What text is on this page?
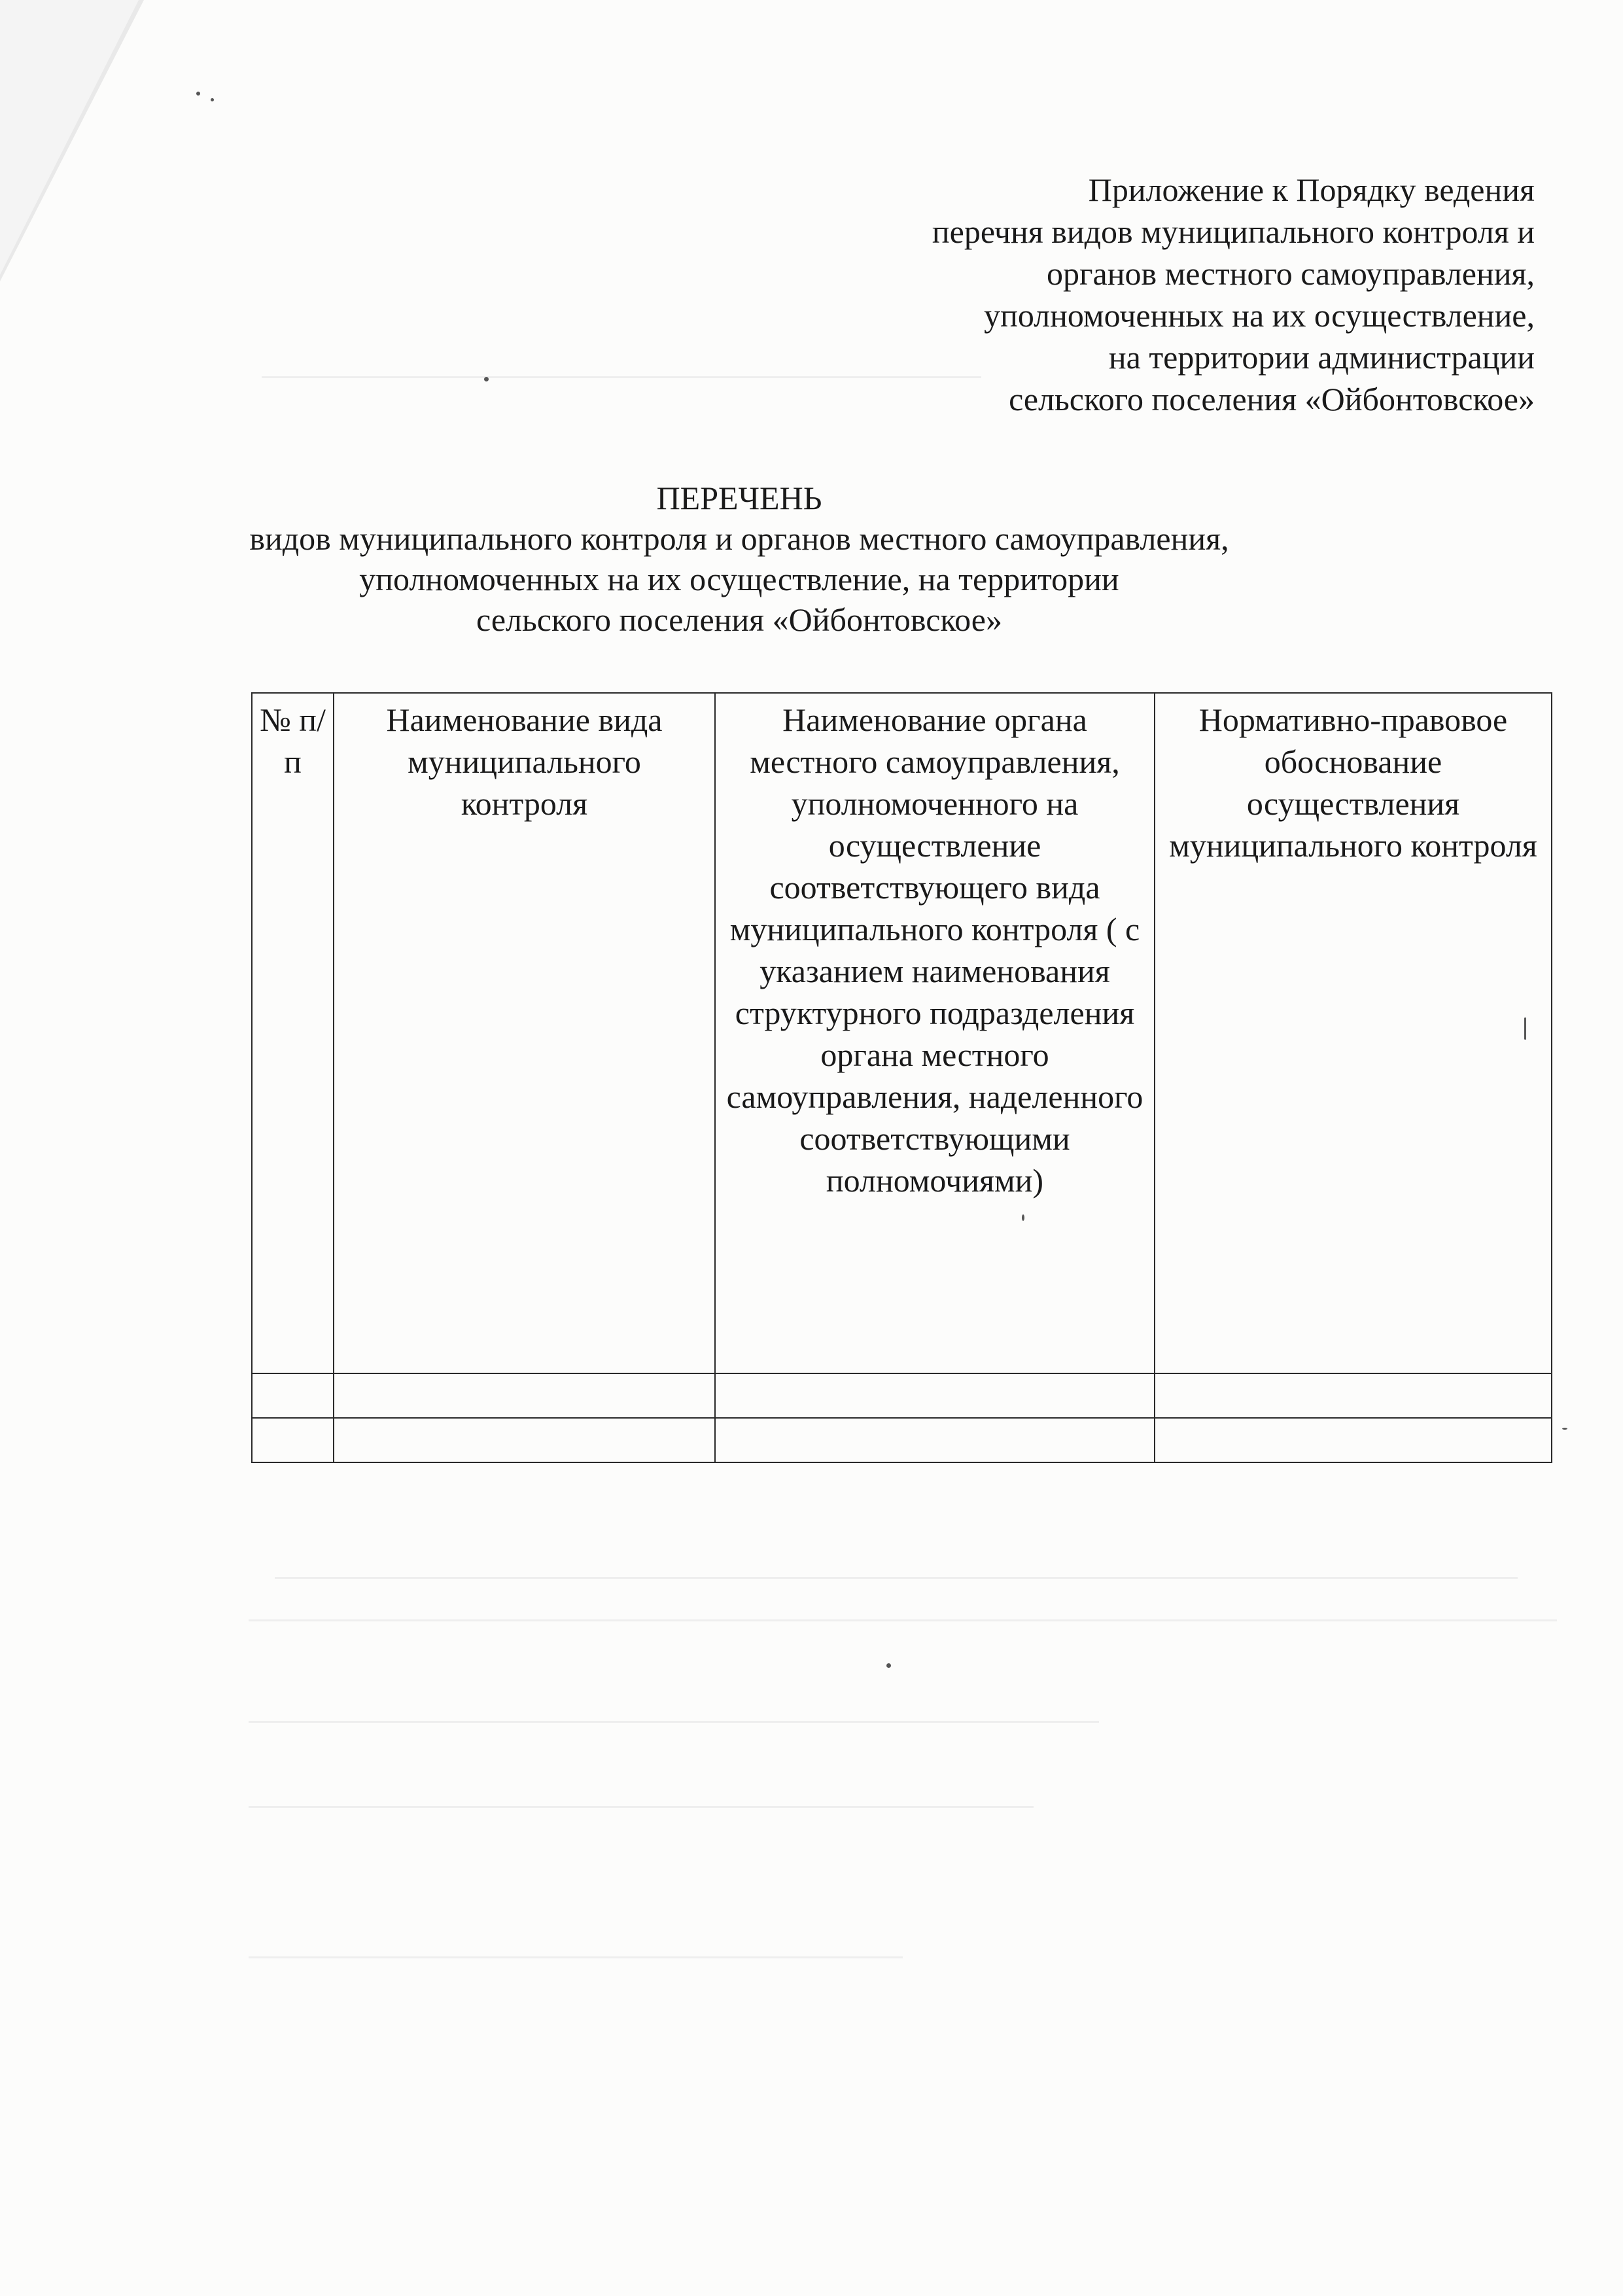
Приложение к Порядку ведения
перечня видов муниципального контроля и
органов местного самоуправления,
уполномоченных на их осуществление,
на территории администрации
сельского поселения «Ойбонтовское»
ПЕРЕЧЕНЬ
видов муниципального контроля и органов местного самоуправления,
уполномоченных на их осуществление, на территории
сельского поселения «Ойбонтовское»
№ п/п	Наименование вида муниципального контроля	Наименование органа местного самоуправления, уполномоченного на осуществление соответствующего вида муниципального контроля ( с указанием наименования структурного подразделения органа местного самоуправления, наделенного соответствующими полномочиями)	Нормативно-правовое обоснование осуществления муниципального контроля
